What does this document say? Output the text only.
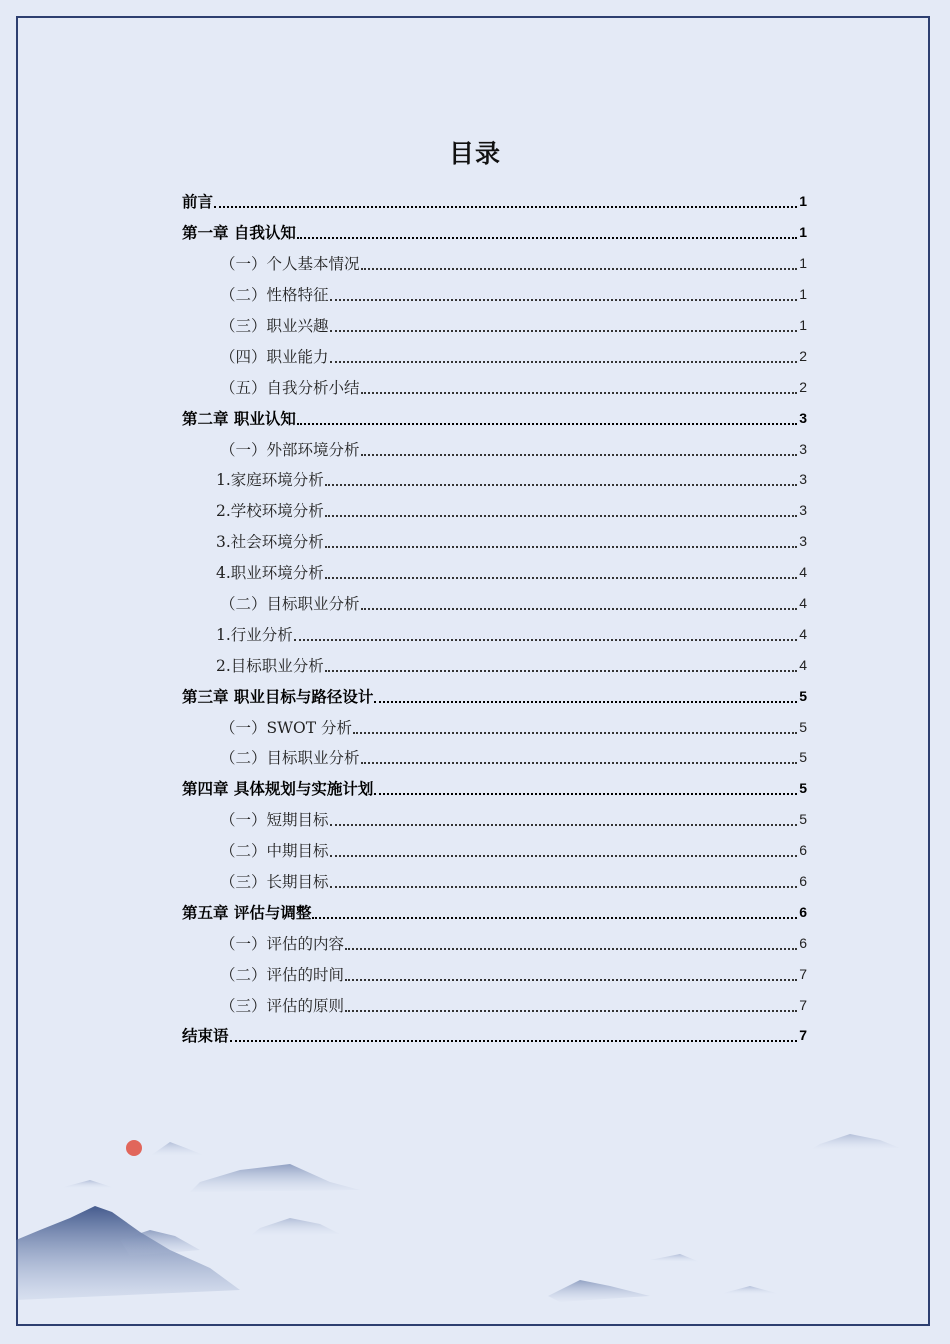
目录
前言	1
第一章 自我认知	1
（一）个人基本情况	1
（二）性格特征	1
（三）职业兴趣	1
（四）职业能力	2
（五）自我分析小结	2
第二章 职业认知	3
（一）外部环境分析	3
1.家庭环境分析	3
2.学校环境分析	3
3.社会环境分析	3
4.职业环境分析	4
（二）目标职业分析	4
1.行业分析	4
2.目标职业分析	4
第三章 职业目标与路径设计	5
（一）SWOT 分析	5
（二）目标职业分析	5
第四章 具体规划与实施计划	5
（一）短期目标	5
（二）中期目标	6
（三）长期目标	6
第五章 评估与调整	6
（一）评估的内容	6
（二）评估的时间	7
（三）评估的原则	7
结束语	7
